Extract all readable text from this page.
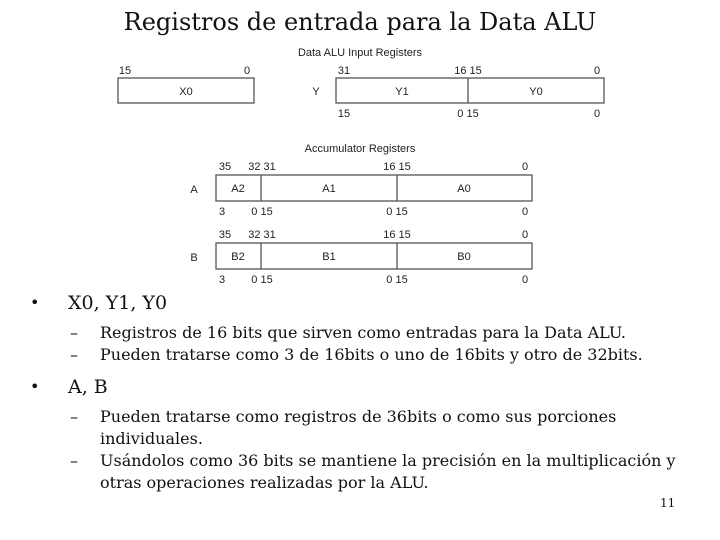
Registros de entrada para la Data ALU
Data ALU Input Registers
15	0
X0	Y
31	16 15	0
Y1	Y0
15	0 15	0
Accumulator Registers
35 32 31	16 15	0
A	A2	A1	A0
3 0 15	0 15	0
35 32 31	16 15	0
B	B2	B1	B0
3 0 15	0 15	0
• X0, Y1, Y0
– Registros de 16 bits que sirven como entradas para la Data ALU.
– Pueden tratarse como 3 de 16bits o uno de 16bits y otro de 32bits.
• A, B
– Pueden tratarse como registros de 36bits o como sus porciones individuales.
– Usándolos como 36 bits se mantiene la precisión en la multiplicación y otras operaciones realizadas por la ALU.
11
